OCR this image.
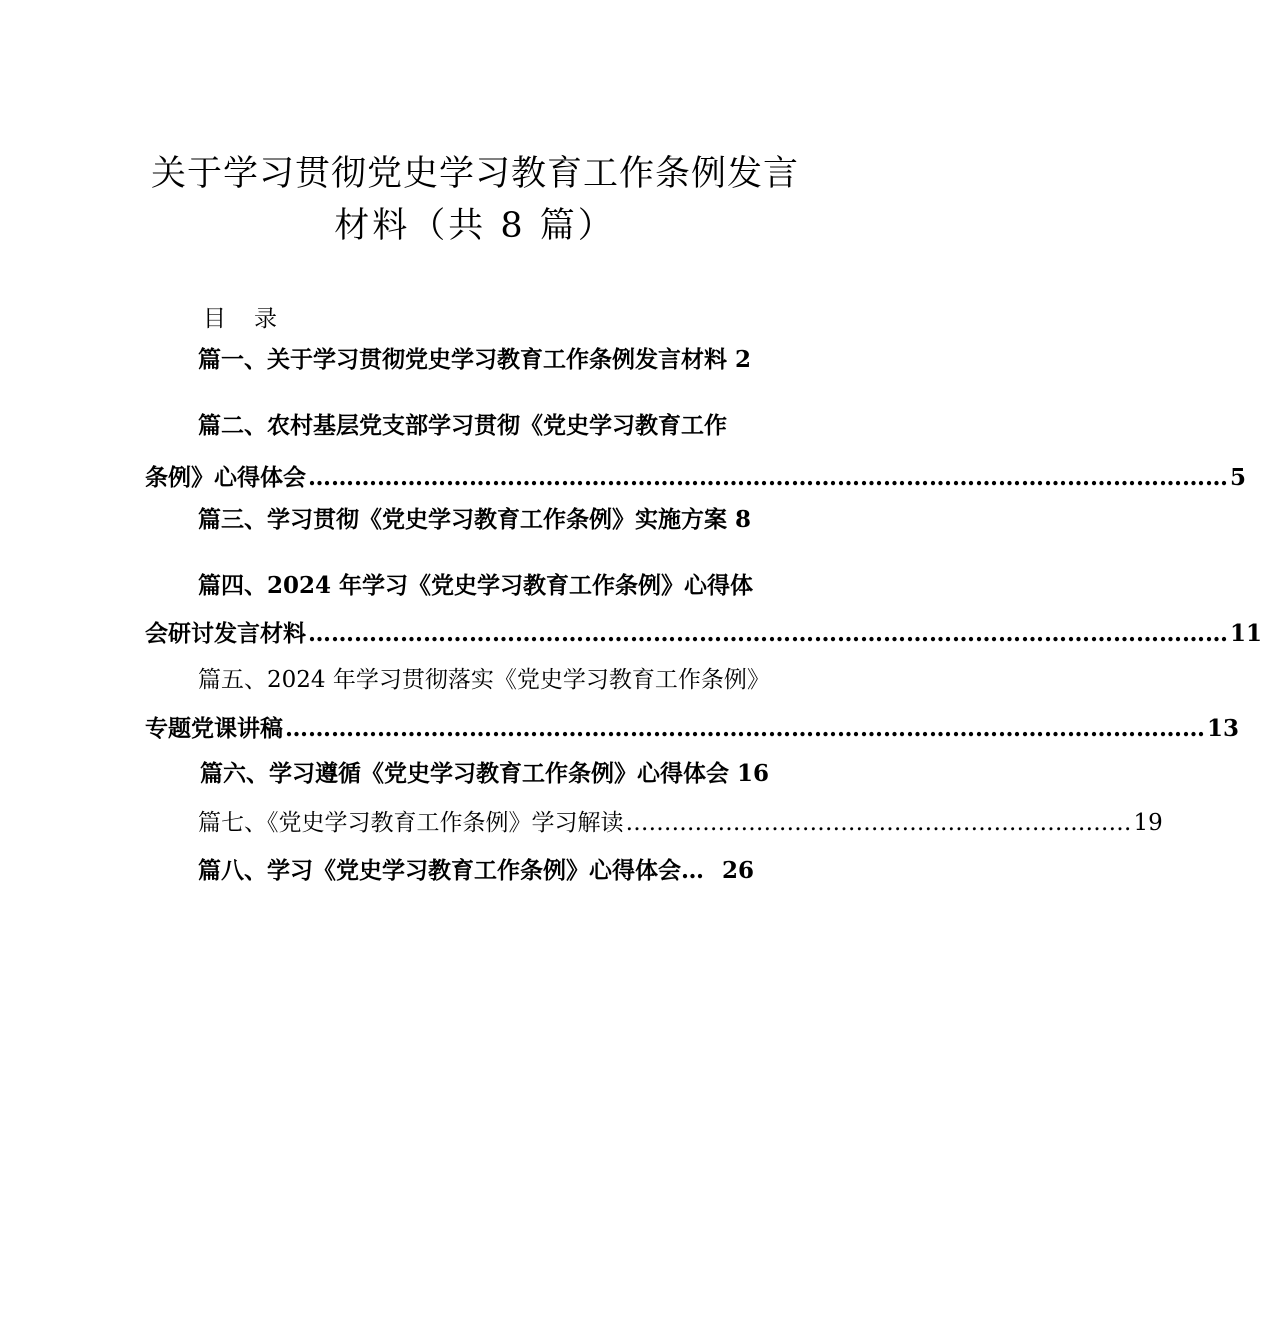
关于学习贯彻党史学习教育工作条例发言
材料（共 8 篇）
目录
篇一、关于学习贯彻党史学习教育工作条例发言材料 2
篇二、农村基层党支部学习贯彻《党史学习教育工作
条例》心得体会 ………………………………………………………………………………………………………… 5
篇三、学习贯彻《党史学习教育工作条例》实施方案 8
篇四、2024 年学习《党史学习教育工作条例》心得体
会研讨发言材料 ………………………………………………………………………………………………………… 11
篇五、2024 年学习贯彻落实《党史学习教育工作条例》
专题党课讲稿 ………………………………………………………………………………………………………… 13
篇六、学习遵循《党史学习教育工作条例》心得体会 16
篇七、《党史学习教育工作条例》学习解读 ………………………………………………………… 19
篇八、学习《党史学习教育工作条例》心得体会… 26
